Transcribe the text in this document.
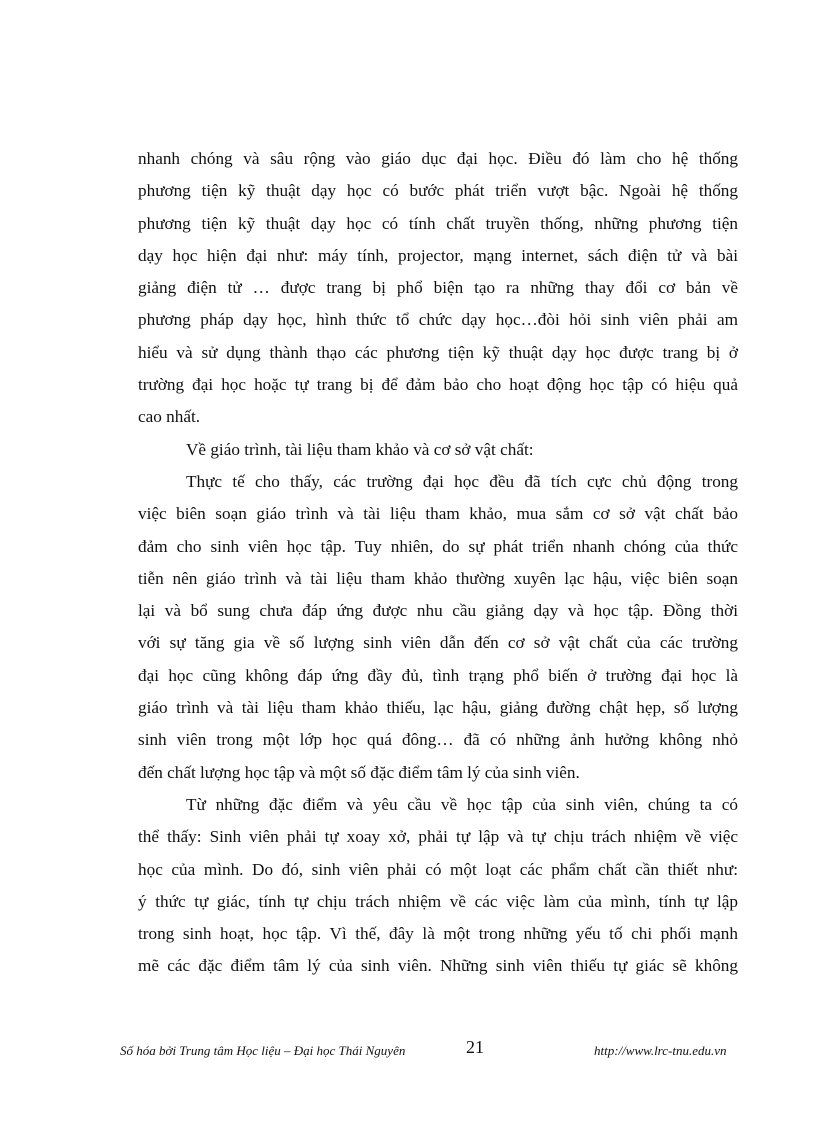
nhanh chóng và sâu rộng vào giáo dục đại học. Điều đó làm cho hệ thống
phương tiện kỹ thuật dạy học có bước phát triển vượt bậc. Ngoài hệ thống
phương tiện kỹ thuật dạy học có tính chất truyền thống, những phương tiện
dạy học hiện đại như: máy tính, projector, mạng internet, sách điện tử và bài
giảng điện tử … được trang bị phổ biện tạo ra những thay đổi cơ bản về
phương pháp dạy học, hình thức tổ chức dạy học…đòi hỏi sinh viên phải am
hiểu và sử dụng thành thạo các phương tiện kỹ thuật dạy học được trang bị ở
trường đại học hoặc tự trang bị để đảm bảo cho hoạt động học tập có hiệu quả
cao nhất.
Về giáo trình, tài liệu tham khảo và cơ sở vật chất:
Thực tế cho thấy, các trường đại học đều đã tích cực chủ động trong
việc biên soạn giáo trình và tài liệu tham khảo, mua sắm cơ sở vật chất bảo
đảm cho sinh viên học tập. Tuy nhiên, do sự phát triển nhanh chóng của thức
tiễn nên giáo trình và tài liệu tham khảo thường xuyên lạc hậu, việc biên soạn
lại và bổ sung chưa đáp ứng được nhu cầu giảng dạy và học tập. Đồng thời
với sự tăng gia về số lượng sinh viên dẫn đến cơ sở vật chất của các trường
đại học cũng không đáp ứng đầy đủ, tình trạng phổ biến ở trường đại học là
giáo trình và tài liệu tham khảo thiếu, lạc hậu, giảng đường chật hẹp, số lượng
sinh viên trong một lớp học quá đông… đã có những ảnh hưởng không nhỏ
đến chất lượng học tập và một số đặc điểm tâm lý của sinh viên.
Từ những đặc điểm và yêu cầu về học tập của sinh viên, chúng ta có
thể thấy: Sinh viên phải tự xoay xở, phải tự lập và tự chịu trách nhiệm về việc
học của mình. Do đó, sinh viên phải có một loạt các phẩm chất cần thiết như:
ý thức tự giác, tính tự chịu trách nhiệm về các việc làm của mình, tính tự lập
trong sinh hoạt, học tập. Vì thế, đây là một trong những yếu tố chi phối mạnh
mẽ các đặc điểm tâm lý của sinh viên. Những sinh viên thiếu tự giác sẽ không
Số hóa bởi Trung tâm Học liệu – Đại học Thái Nguyên	21	http://www.lrc-tnu.edu.vn
